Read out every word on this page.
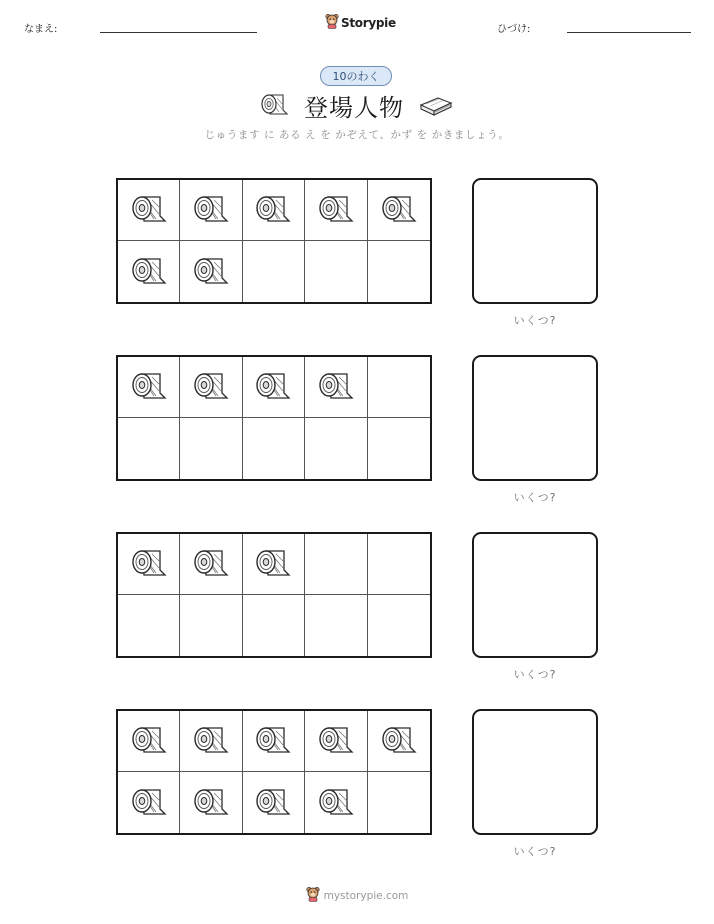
なまえ:	Storypie	ひづけ:
10のわく
登場人物
じゅうます に ある え を かぞえて、かず を かきましょう。
いくつ?
いくつ?
いくつ?
いくつ?
mystorypie.com
